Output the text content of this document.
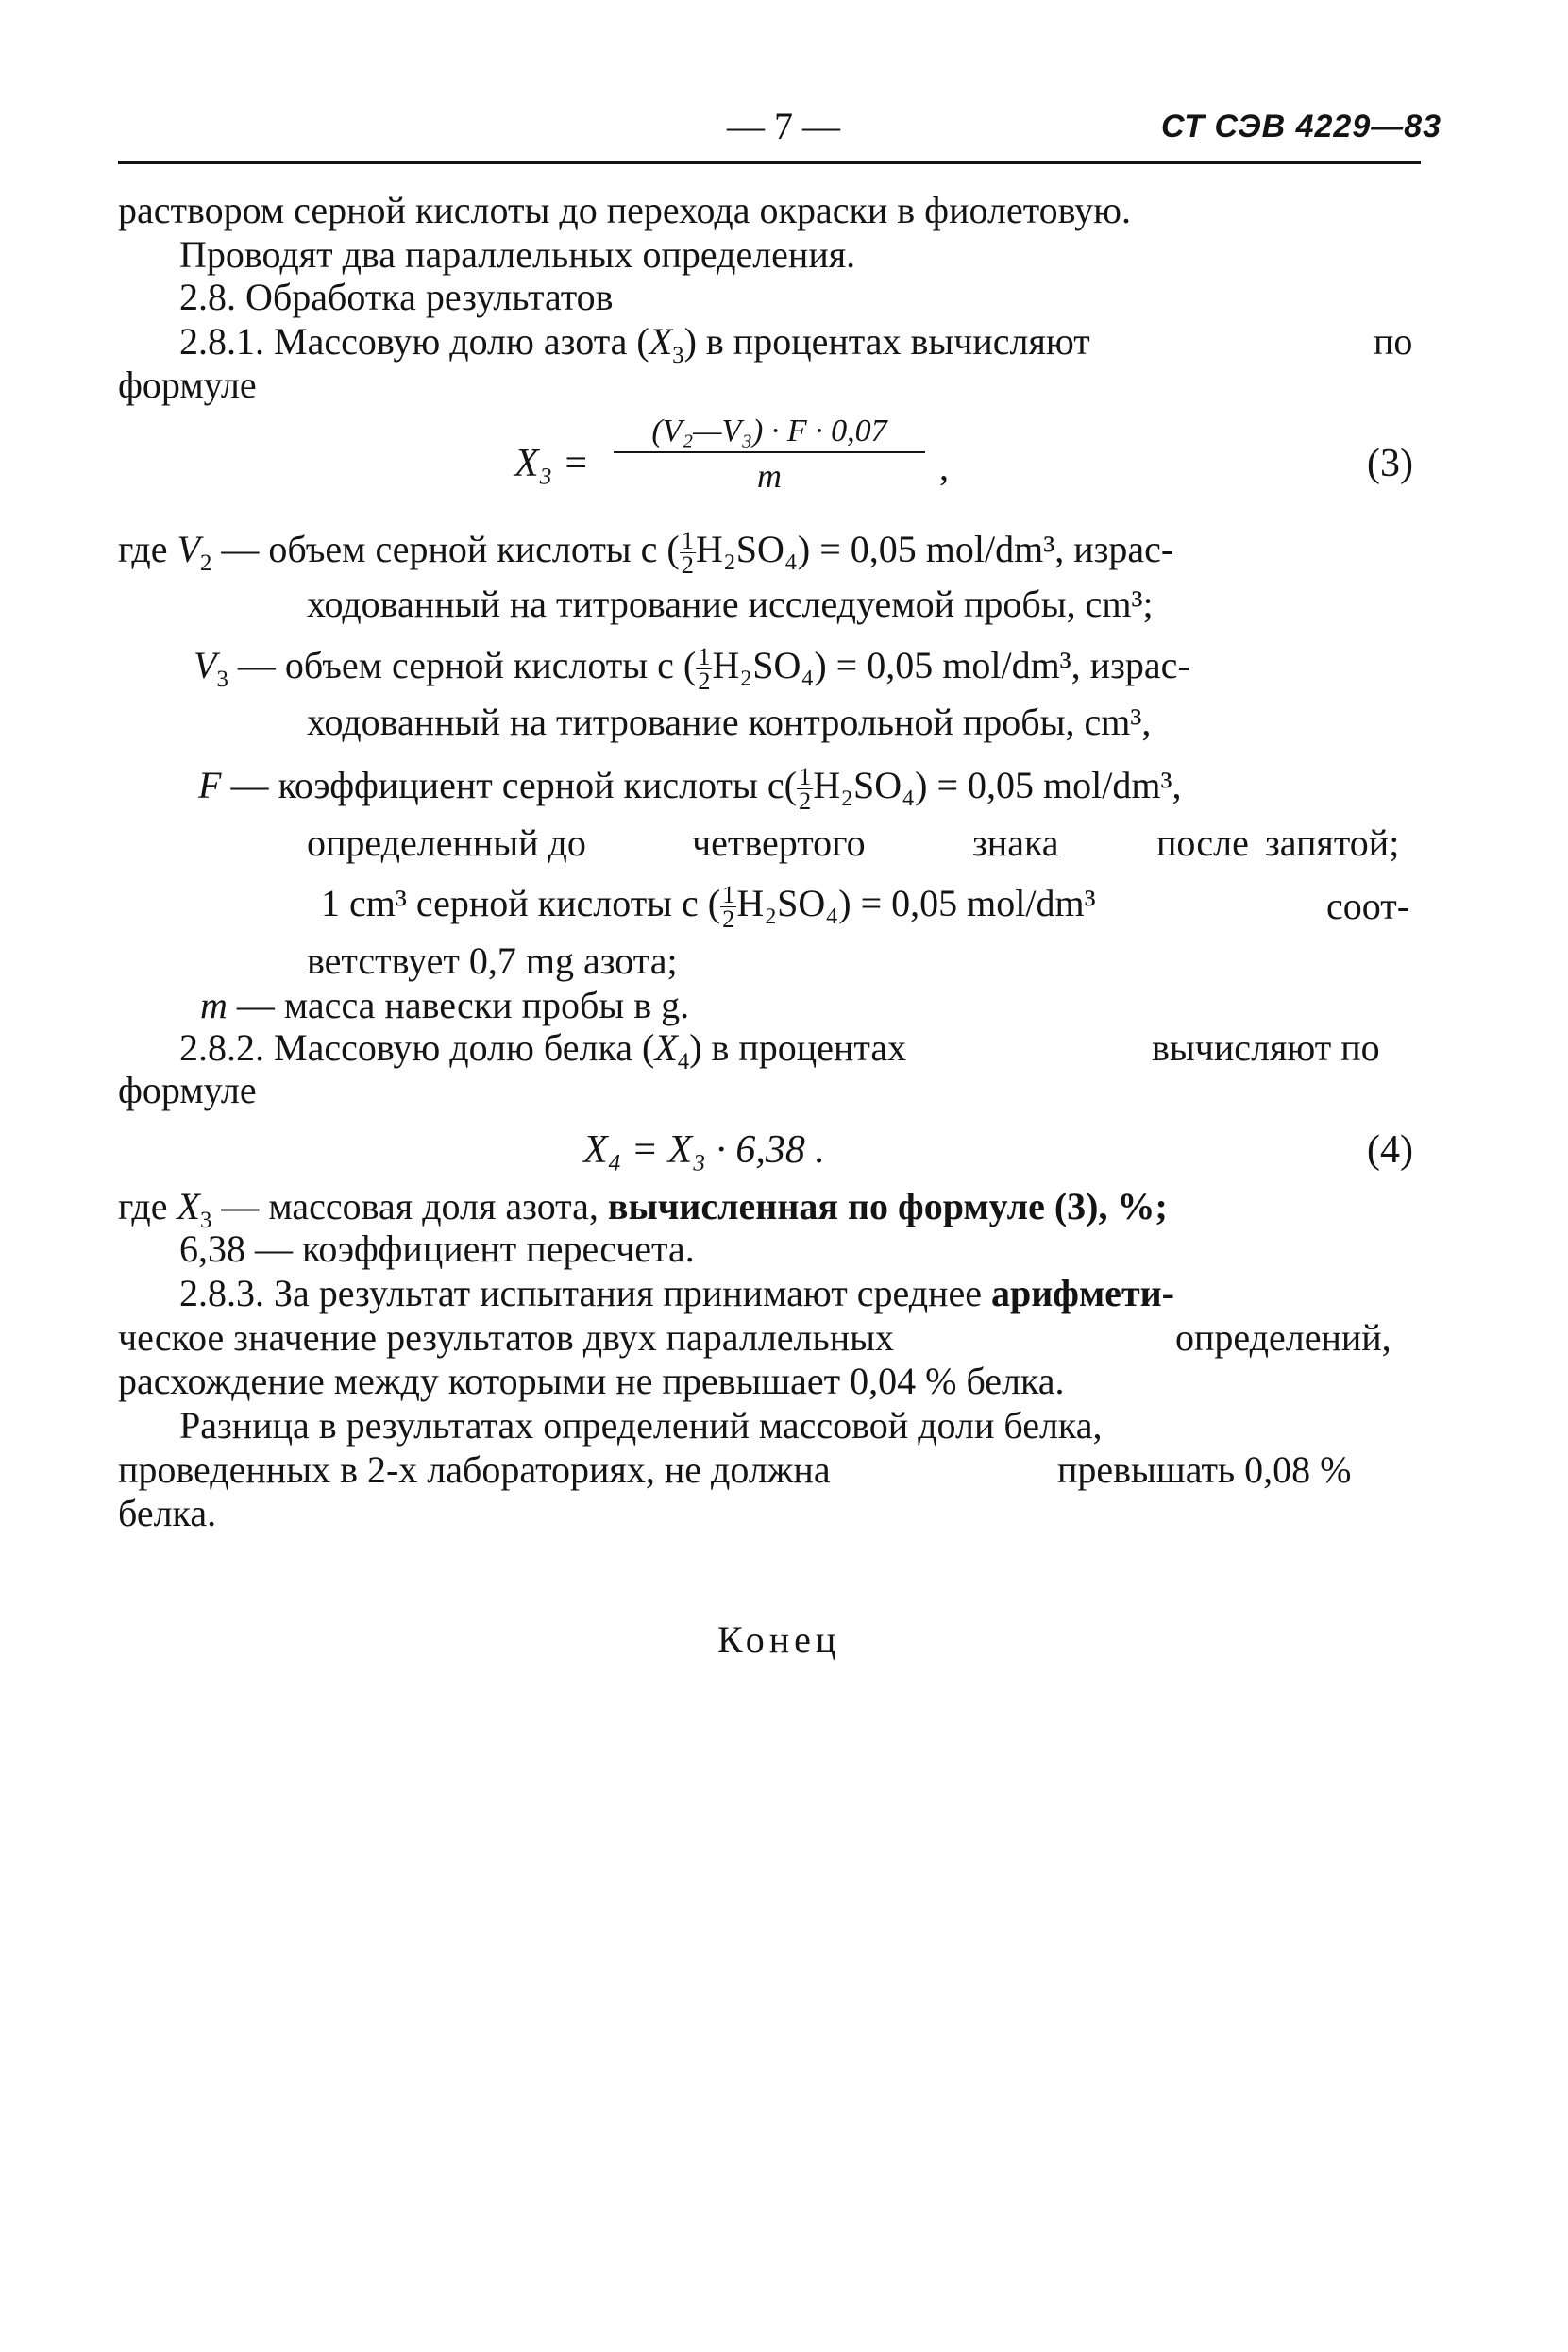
— 7 —	СТ СЭВ 4229—83
раствором серной кислоты до перехода окраски в фиолетовую.
Проводят два параллельных определения.
2.8. Обработка результатов
2.8.1. Массовую долю азота $(X_3)$ в процентах вычисляют	по
формуле
$X_3 = \frac{\text{(V₂—V₃) · F · 0,07}}{m}$ ,	(3)
где $V_2$ — объем серной кислоты с ( $\frac{1}{2} H_2SO_4) = 0,05$ mol/dm³, израс-
ходованный на титрование исследуемой пробы, cm³;
$V_3$ — объем серной кислоты с ( $\frac{1}{2} H_2SO_4) = 0,05$ mol/dm³, израс-
ходованный на титрование контрольной пробы, cm³,
F — коэффициент серной кислоты $с( \frac{1}{2} H_2SO_4) = 0,05$ mol/dm³,
определенный до	четвертого	знака	после запятой;
1 cm³ серной кислоты с ( $\frac{1}{2} H_2SO_4) = 0,05$ mol/dm³	соот-
ветствует 0,7 mg азота;
m — масса навески пробы в g.
2.8.2. Массовую долю белка $(X_4)$ в процентах	вычисляют по
формуле
X₄ = X₃ · 6,38 .	(4)
где $X_3$ — массовая доля азота, вычисленная по формуле (3), %;
6,38 — коэффициент пересчета.
2.8.3. За результат испытания принимают среднее арифмети-
ческое значение результатов двух параллельных	определений,
расхождение между которыми не превышает 0,04 % белка.
Разница в результатах определений массовой доли белка,
проведенных в 2-х лабораториях, не должна	превышать 0,08 %
белка.
Конец
